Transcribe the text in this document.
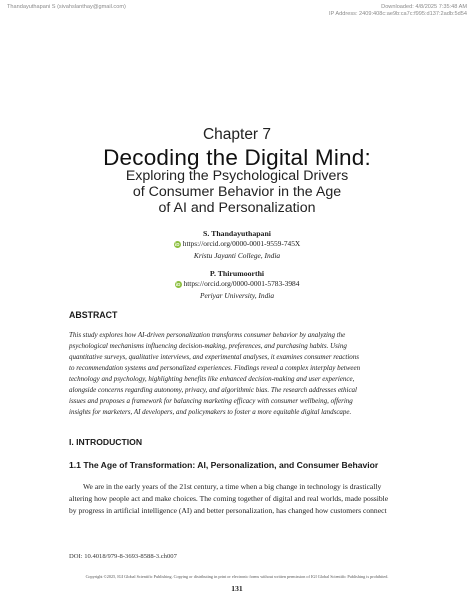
Thandayuthapani S (sivahslanthay@gmail.com)	Downloaded: 4/8/2025 7:35:48 AM
IP Address: 2409:408c:ae9b:ca7c:f995:d137:2adb:5d54
Chapter 7
Decoding the Digital Mind:
Exploring the Psychological Drivers
of Consumer Behavior in the Age
of AI and Personalization
S. Thandayuthapani
iD https://orcid.org/0000-0001-9559-745X
Kristu Jayanti College, India
P. Thirumoorthi
iD https://orcid.org/0000-0001-5783-3984
Periyar University, India
ABSTRACT
This study explores how AI-driven personalization transforms consumer behavior by analyzing the
psychological mechanisms influencing decision-making, preferences, and purchasing habits. Using
quantitative surveys, qualitative interviews, and experimental analyses, it examines consumer reactions
to recommendation systems and personalized experiences. Findings reveal a complex interplay between
technology and psychology, highlighting benefits like enhanced decision-making and user experience,
alongside concerns regarding autonomy, privacy, and algorithmic bias. The research addresses ethical
issues and proposes a framework for balancing marketing efficacy with consumer wellbeing, offering
insights for marketers, AI developers, and policymakers to foster a more equitable digital landscape.
I. INTRODUCTION
1.1 The Age of Transformation: AI, Personalization, and Consumer Behavior
We are in the early years of the 21st century, a time when a big change in technology is drastically
altering how people act and make choices. The coming together of digital and real worlds, made possible
by progress in artificial intelligence (AI) and better personalization, has changed how customers connect
DOI: 10.4018/979-8-3693-8588-3.ch007
Copyright ©2025, IGI Global Scientific Publishing. Copying or distributing in print or electronic forms without written permission of IGI Global Scientific Publishing is prohibited.
131
